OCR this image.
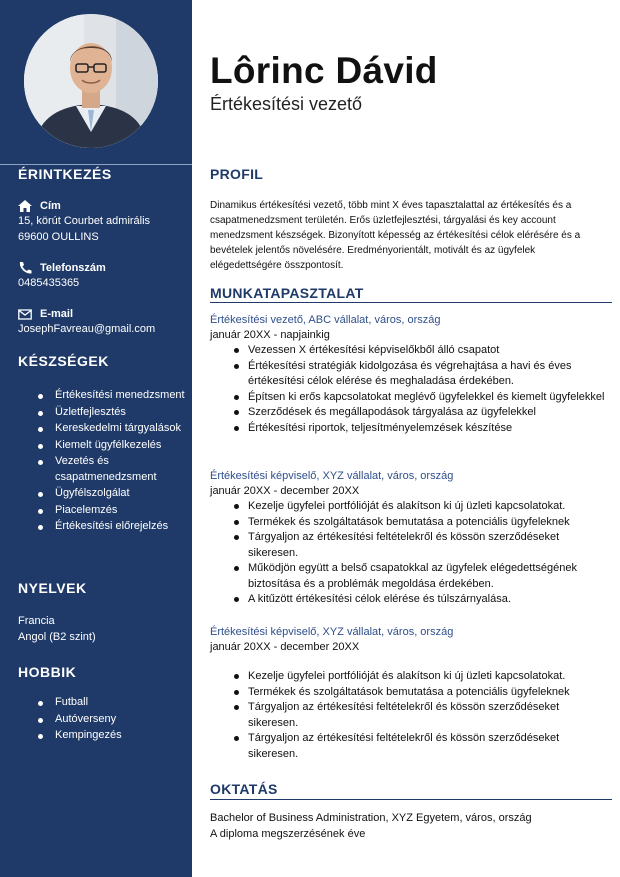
ÉRINTKEZÉS
Cím
15, körút Courbet admirális
69600 OULLINS
Telefonszám
0485435365
E-mail
JosephFavreau@gmail.com
KÉSZSÉGEK
Értékesítési menedzsment
Üzletfejlesztés
Kereskedelmi tárgyalások
Kiemelt ügyfélkezelés
Vezetés és csapatmenedzsment
Ügyfélszolgálat
Piacelemzés
Értékesítési előrejelzés
NYELVEK
Francia
Angol (B2 szint)
HOBBIK
Futball
Autóverseny
Kempingezés
Lôrinc Dávid
Értékesítési vezető
PROFIL
Dinamikus értékesítési vezető, több mint X éves tapasztalattal az értékesítés és a csapatmenedzsment területén. Erős üzletfejlesztési, tárgyalási és key account menedzsment készségek. Bizonyított képesség az értékesítési célok elérésére és a bevételek jelentős növelésére. Eredményorientált, motivált és az ügyfelek elégedettségére összpontosít.
MUNKATAPASZTALAT
Értékesítési vezető, ABC vállalat, város, ország
január 20XX - napjainkig
Vezessen X értékesítési képviselőkből álló csapatot
Értékesítési stratégiák kidolgozása és végrehajtása a havi és éves értékesítési célok elérése és meghaladása érdekében.
Építsen ki erős kapcsolatokat meglévő ügyfelekkel és kiemelt ügyfelekkel
Szerződések és megállapodások tárgyalása az ügyfelekkel
Értékesítési riportok, teljesítményelemzések készítése
Értékesítési képviselő, XYZ vállalat, város, ország
január 20XX - december 20XX
Kezelje ügyfelei portfólióját és alakítson ki új üzleti kapcsolatokat.
Termékek és szolgáltatások bemutatása a potenciális ügyfeleknek
Tárgyaljon az értékesítési feltételekről és kössön szerződéseket sikeresen.
Működjön együtt a belső csapatokkal az ügyfelek elégedettségének biztosítása és a problémák megoldása érdekében.
A kitűzött értékesítési célok elérése és túlszárnyalása.
Értékesítési képviselő, XYZ vállalat, város, ország
január 20XX - december 20XX
Kezelje ügyfelei portfólióját és alakítson ki új üzleti kapcsolatokat.
Termékek és szolgáltatások bemutatása a potenciális ügyfeleknek
Tárgyaljon az értékesítési feltételekről és kössön szerződéseket sikeresen.
Tárgyaljon az értékesítési feltételekről és kössön szerződéseket sikeresen.
OKTATÁS
Bachelor of Business Administration, XYZ Egyetem, város, ország
A diploma megszerzésének éve
